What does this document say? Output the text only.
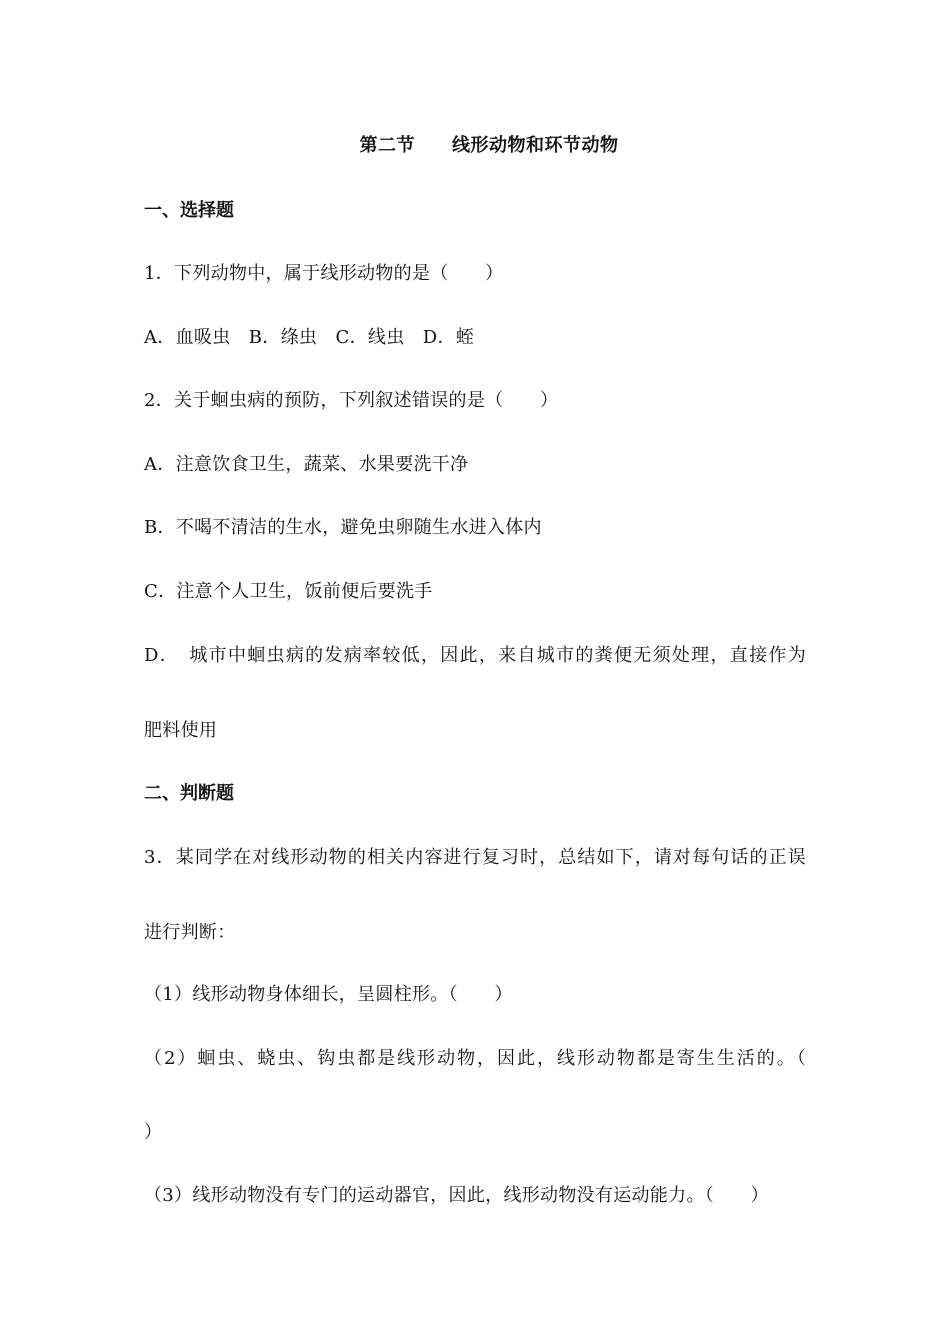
第二节　　线形动物和环节动物
一、选择题
1．下列动物中，属于线形动物的是（　　）
A．血吸虫　B．绦虫　C．线虫　D．蛭
2．关于蛔虫病的预防，下列叙述错误的是（　　）
A．注意饮食卫生，蔬菜、水果要洗干净
B．不喝不清洁的生水，避免虫卵随生水进入体内
C．注意个人卫生，饭前便后要洗手
D．　城市中蛔虫病的发病率较低，因此，来自城市的粪便无须处理，直接作为
肥料使用
二、判断题
3．某同学在对线形动物的相关内容进行复习时，总结如下，请对每句话的正误
进行判断：
（1）线形动物身体细长，呈圆柱形。（　　）
（2）蛔虫、蛲虫、钩虫都是线形动物，因此，线形动物都是寄生生活的。（
）
（3）线形动物没有专门的运动器官，因此，线形动物没有运动能力。（　　）
